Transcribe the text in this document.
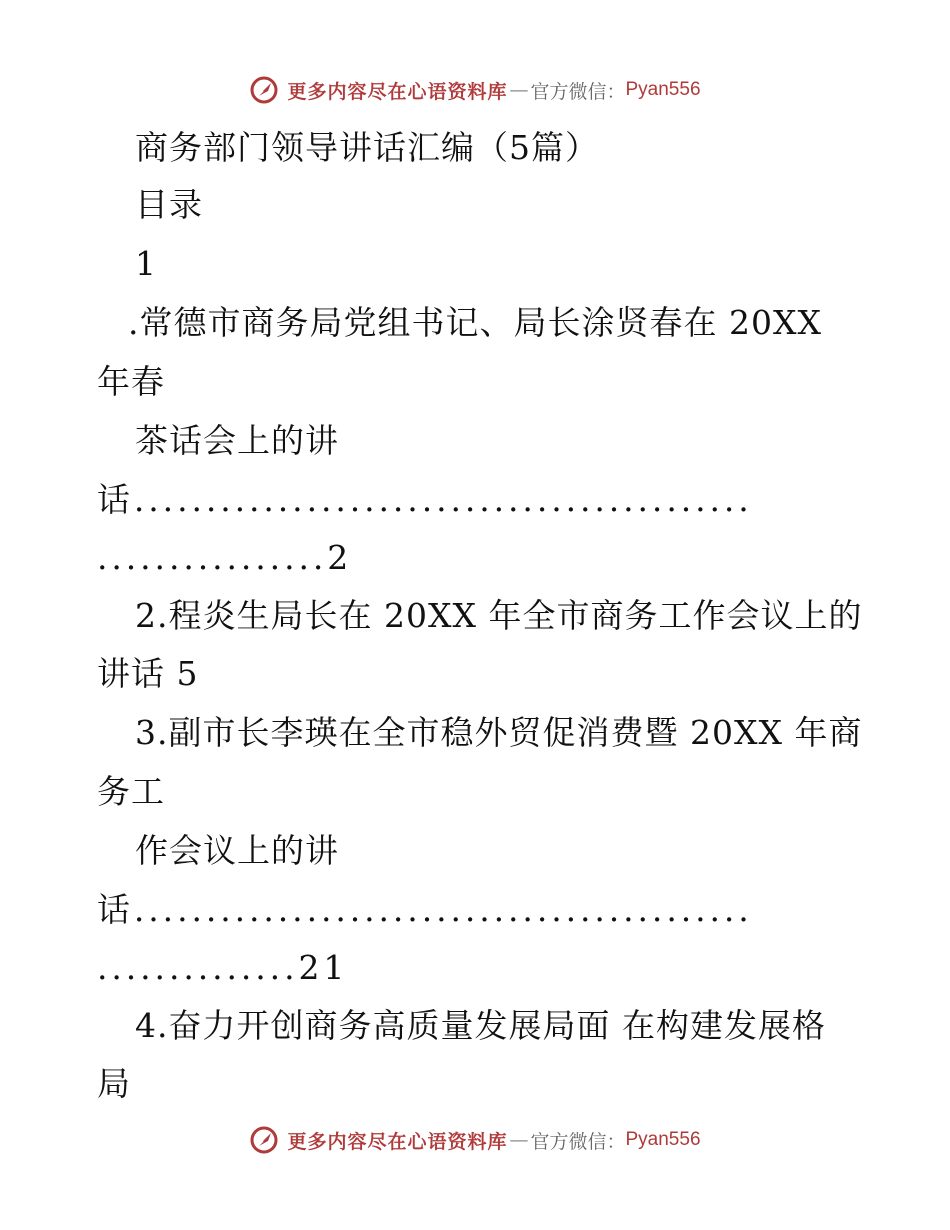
更多内容尽在心语资料库 — 官方微信： Pyan556
商务部门领导讲话汇编（5篇）
目录
1
.常德市商务局党组书记、局长涂贤春在 20XX
年春
茶话会上的讲
话...........................................
................2
2.程炎生局长在 20XX 年全市商务工作会议上的
讲话 5
3.副市长李瑛在全市稳外贸促消费暨 20XX 年商
务工
作会议上的讲
话...........................................
..............21
4.奋力开创商务高质量发展局面 在构建发展格
局
更多内容尽在心语资料库 — 官方微信： Pyan556
